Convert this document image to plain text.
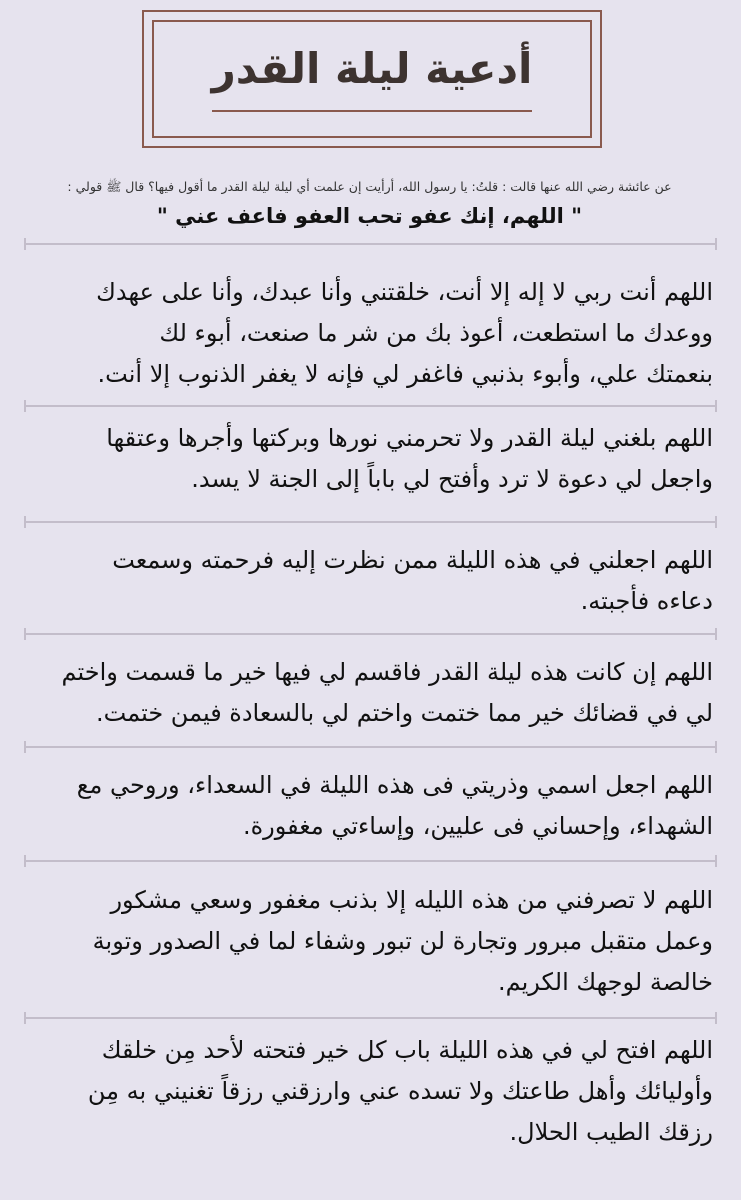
أدعية ليلة القدر
عن عائشة رضي الله عنها قالت : قلتُ: يا رسول الله، أرأيت إن علمت أي ليلة ليلة القدر ما أقول فيها؟ قال ﷺ قولي :
" اللهم، إنك عفو تحب العفو فاعف عني "
اللهم أنت ربي لا إله إلا أنت، خلقتني وأنا عبدك، وأنا على عهدك
ووعدك ما استطعت، أعوذ بك من شر ما صنعت، أبوء لك
بنعمتك علي، وأبوء بذنبي فاغفر لي فإنه لا يغفر الذنوب إلا أنت.
اللهم بلغني ليلة القدر ولا تحرمني نورها وبركتها وأجرها وعتقها
واجعل لي دعوة لا ترد وأفتح لي باباً إلى الجنة لا يسد.
اللهم اجعلني في هذه الليلة ممن نظرت إليه فرحمته وسمعت
دعاءه فأجبته.
اللهم إن كانت هذه ليلة القدر فاقسم لي فيها خير ما قسمت واختم
لي في قضائك خير مما ختمت واختم لي بالسعادة فيمن ختمت.
اللهم اجعل اسمي وذريتي فى هذه الليلة في السعداء، وروحي مع
الشهداء، وإحساني فى عليين، وإساءتي مغفورة.
اللهم لا تصرفني من هذه الليله إلا بذنب مغفور وسعي مشكور
وعمل متقبل مبرور وتجارة لن تبور وشفاء لما في الصدور وتوبة
خالصة لوجهك الكريم.
اللهم افتح لي في هذه الليلة باب كل خير فتحته لأحد مِن خلقك
وأوليائك وأهل طاعتك ولا تسده عني وارزقني رزقاً تغنيني به مِن
رزقك الطيب الحلال.
